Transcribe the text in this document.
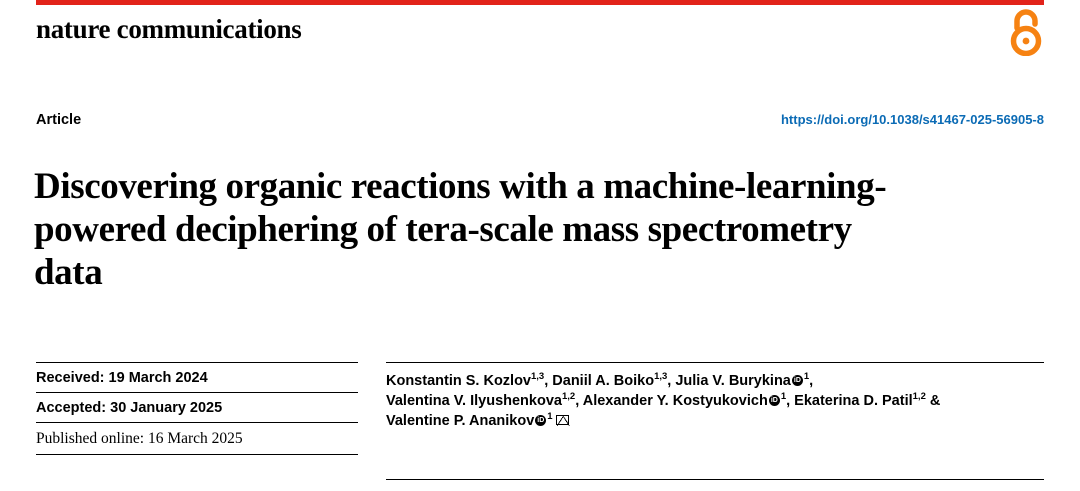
nature communications
Article	https://doi.org/10.1038/s41467-025-56905-8
Discovering organic reactions with a machine-learning-powered deciphering of tera-scale mass spectrometry data
Received: 19 March 2024
Accepted: 30 January 2025
Published online: 16 March 2025
Konstantin S. Kozlov$^{1,3}$, Daniil A. Boiko$^{1,3}$, Julia V. Burykina iD $^1$,
Valentina V. Ilyushenkova$^{1,2}$, Alexander Y. Kostyukovich iD $^1$, Ekaterina D. Patil$^{1,2}$ &
Valentine P. Ananikov iD $^1$
